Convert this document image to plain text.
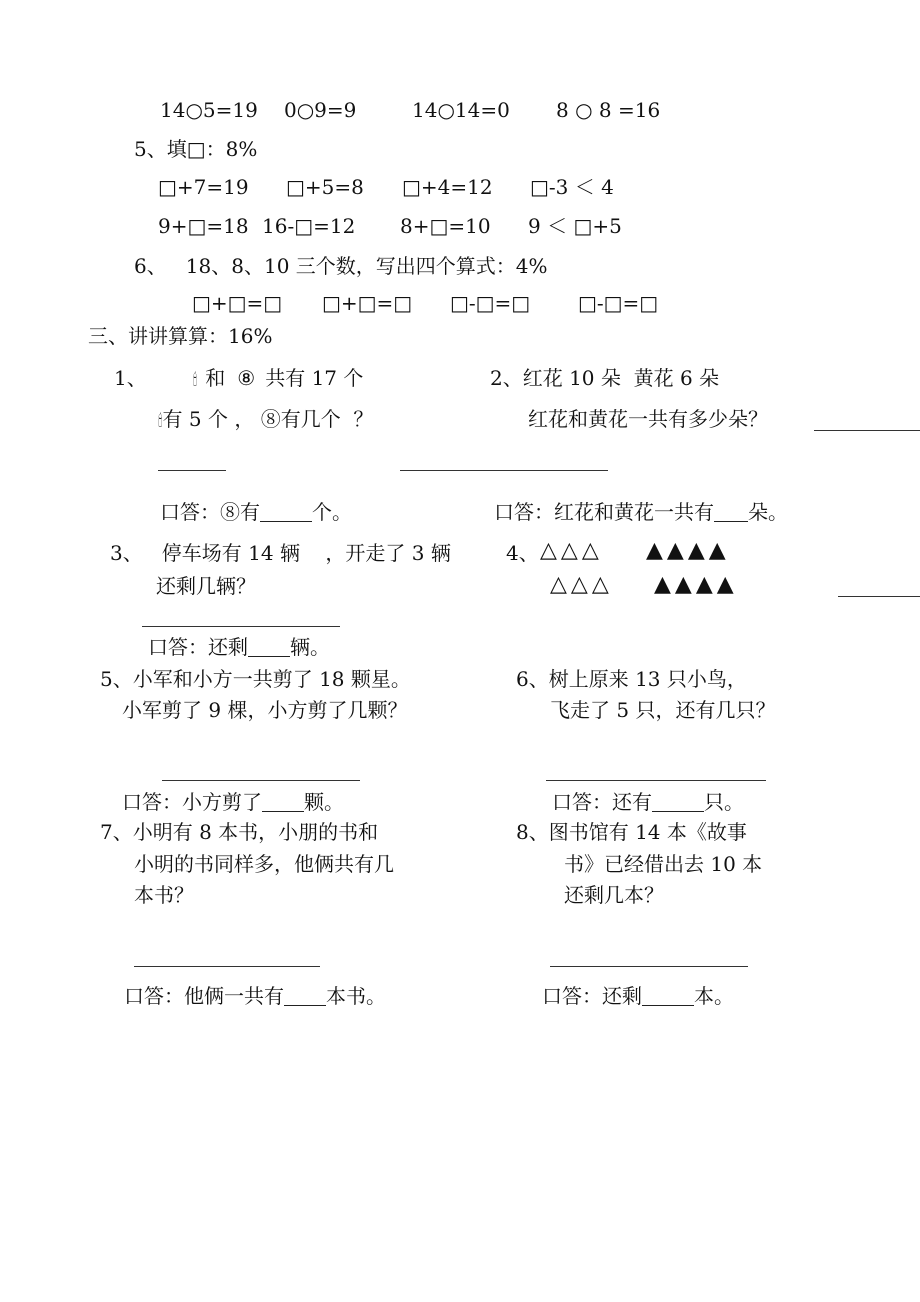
14○5=19 0○9=9	14○14=0 8 ○ 8 =16
5、填□：8%
□+7=19 □+5=8 □+4=12 □-3 ＜ 4
9+□=18 16-□=12 8+□=10 9 ＜ □+5
6、   18、8、10 三个数，写出四个算式：4%
□+□=□ □+□=□ □-□=□ □-□=□
三、讲讲算算：16%
1、	🕯 和 ⑧ 共有 17 个
🕯有 5 个 ， ⑧有几个  ？
口答：⑧有	个。
2、红花 10 朵  黄花 6 朵
红花和黄花一共有多少朵？
口答：红花和黄花一共有 朵。
3、   停车场有 14 辆    ，开走了 3 辆
还剩几辆？
口答：还剩 辆。
4、 △△△ ▲▲▲▲
△△△ ▲▲▲▲
5、小军和小方一共剪了 18 颗星。
小军剪了 9 棵，小方剪了几颗？
口答：小方剪了 颗。
6、树上原来 13 只小鸟，
飞走了 5 只，还有几只？
口答：还有	只。
7、小明有 8 本书，小朋的书和
小明的书同样多，他俩共有几
本书？
口答：他俩一共有 本书。
8、图书馆有 14 本《故事
书》已经借出去 10 本
还剩几本？
口答：还剩	本。
